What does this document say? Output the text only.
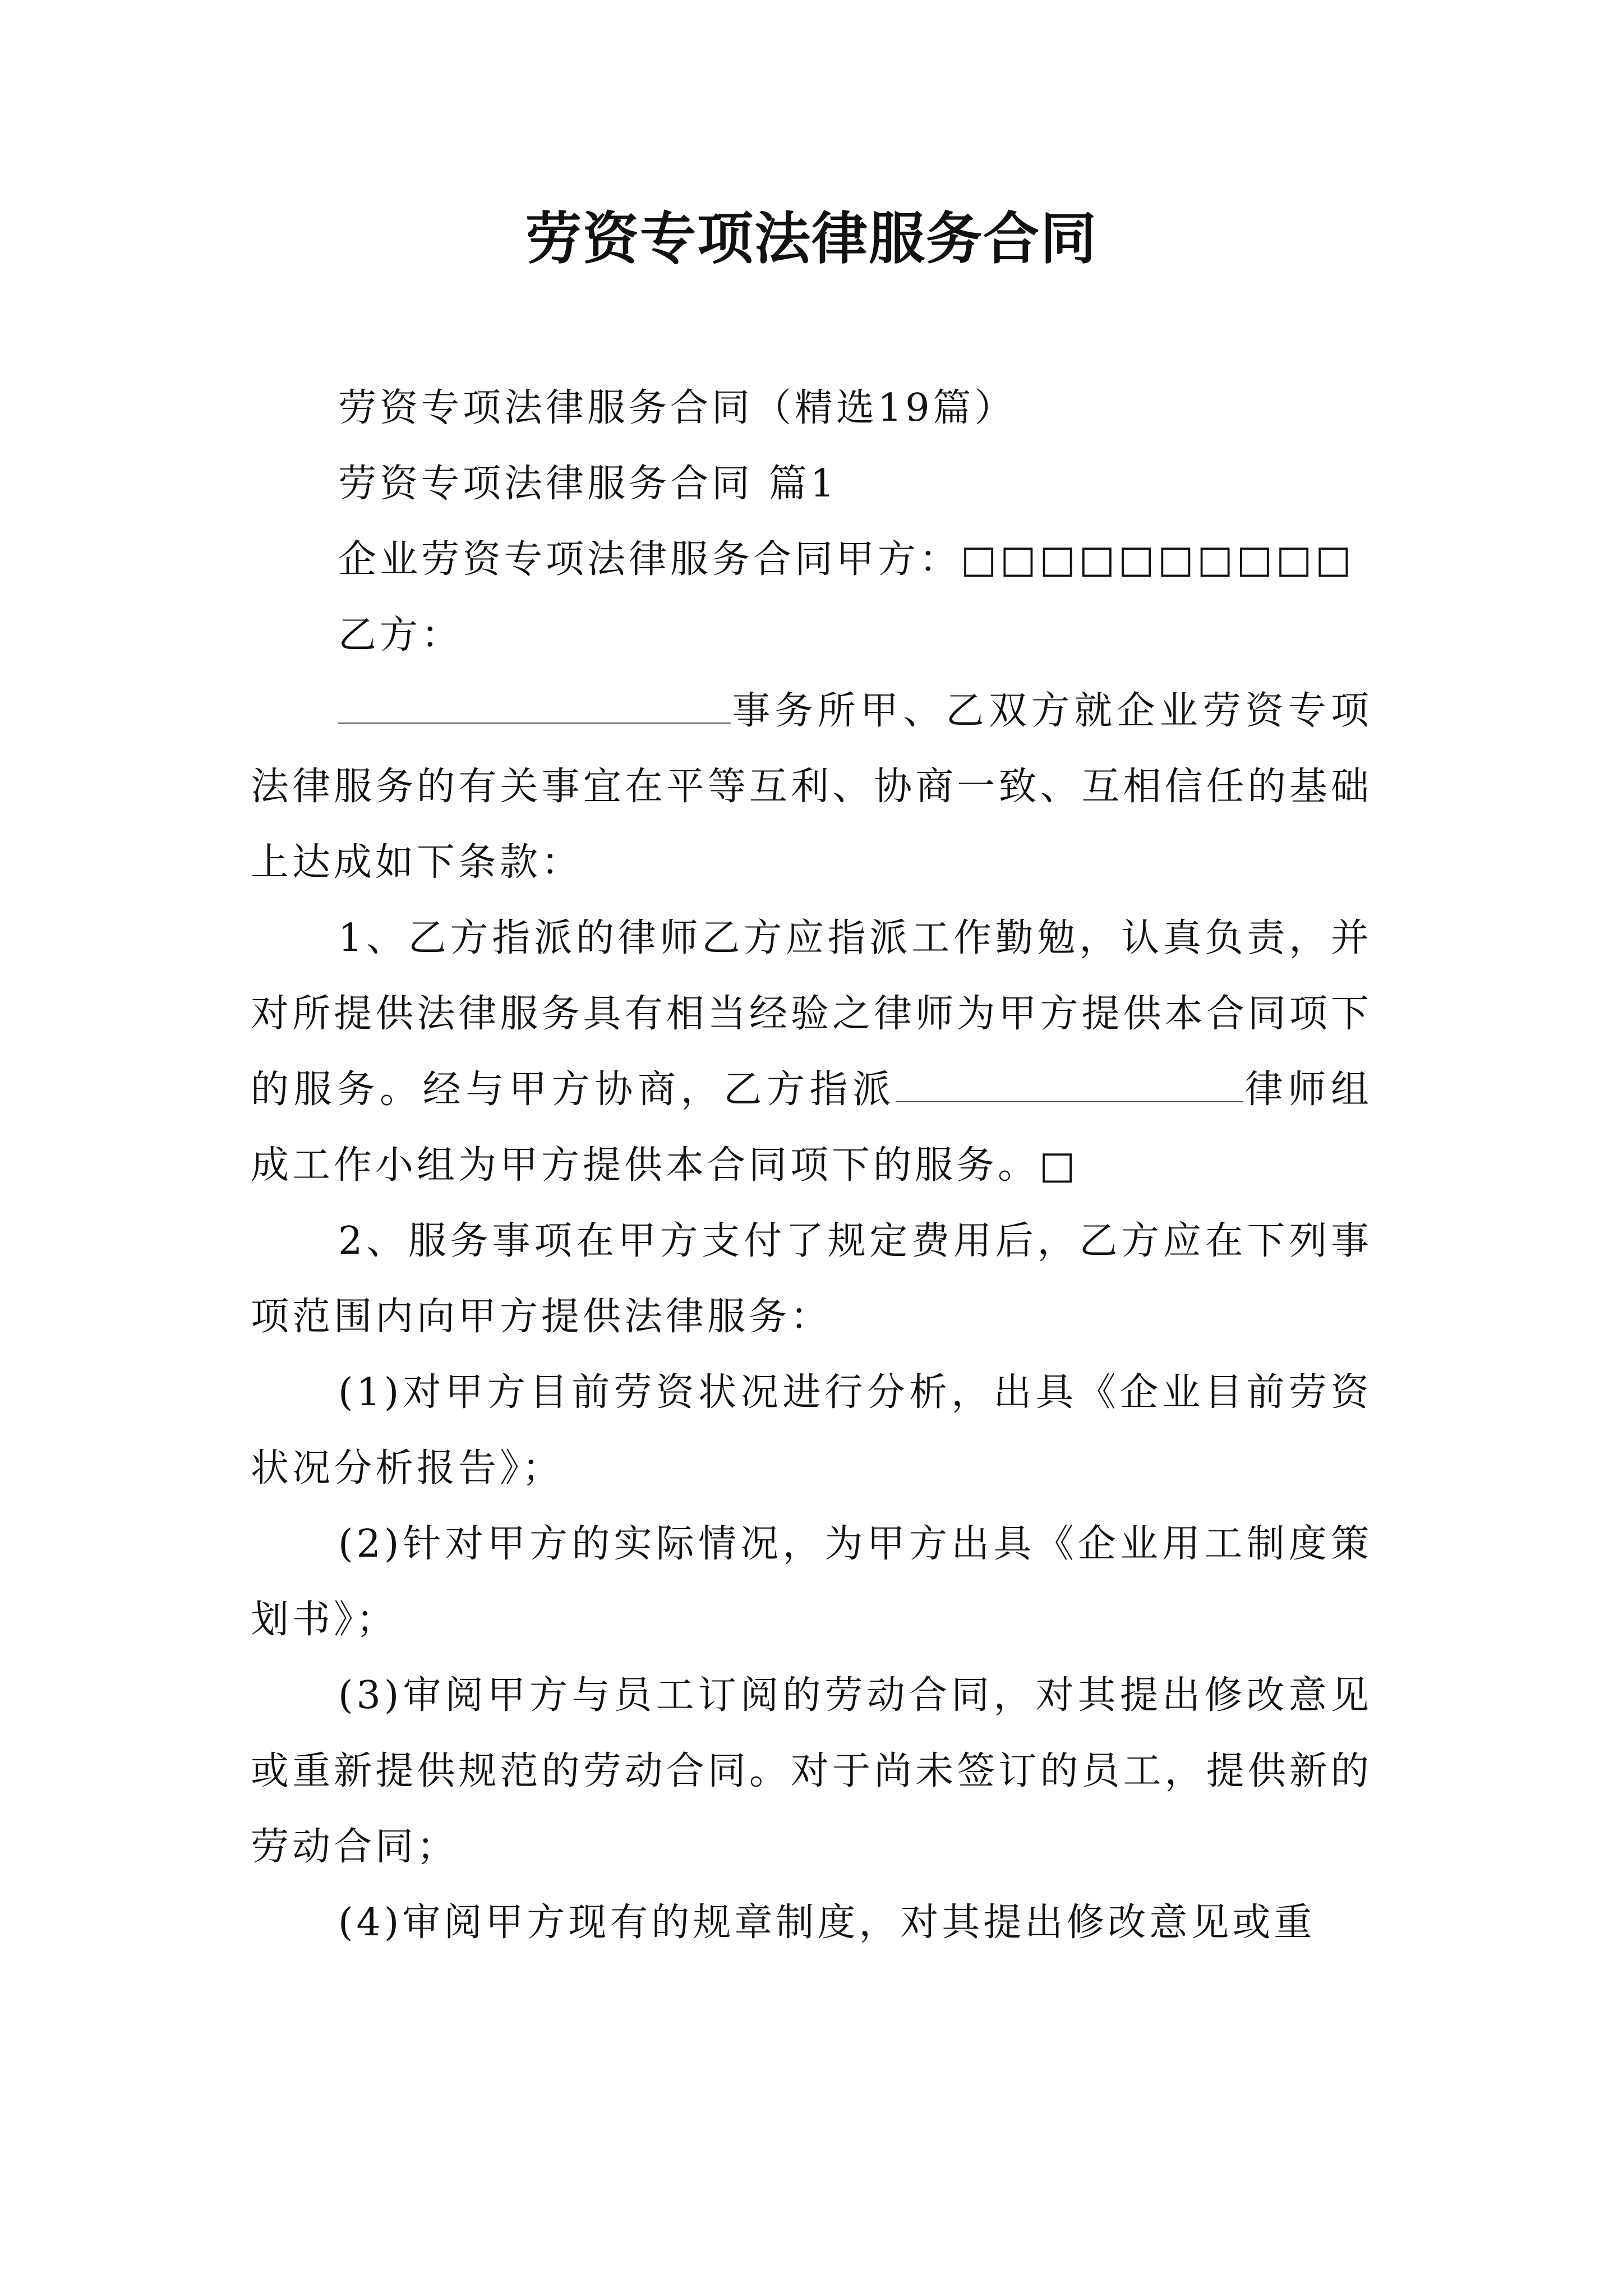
劳资专项法律服务合同

劳资专项法律服务合同（精选19篇）

劳资专项法律服务合同 篇1

企业劳资专项法律服务合同甲方：□□□□□□□□□□

乙方：

事务所甲、乙双方就企业劳资专项法律服务的有关事宜在平等互利、协商一致、互相信任的基础上达成如下条款：

1、乙方指派的律师乙方应指派工作勤勉，认真负责，并对所提供法律服务具有相当经验之律师为甲方提供本合同项下的服务。经与甲方协商，乙方指派	律师组成工作小组为甲方提供本合同项下的服务。□

2、服务事项在甲方支付了规定费用后，乙方应在下列事项范围内向甲方提供法律服务：

(1)对甲方目前劳资状况进行分析，出具《企业目前劳资状况分析报告》；

(2)针对甲方的实际情况，为甲方出具《企业用工制度策划书》；

(3)审阅甲方与员工订阅的劳动合同，对其提出修改意见或重新提供规范的劳动合同。对于尚未签订的员工，提供新的劳动合同；

(4)审阅甲方现有的规章制度，对其提出修改意见或重
